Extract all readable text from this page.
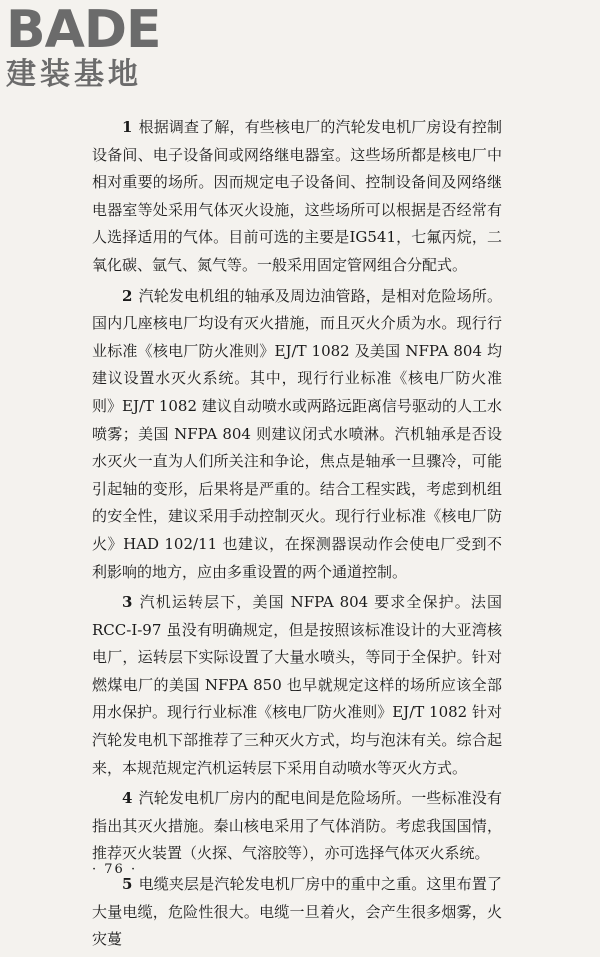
BADE
建装基地

1 根据调查了解，有些核电厂的汽轮发电机厂房设有控制设备间、电子设备间或网络继电器室。这些场所都是核电厂中相对重要的场所。因而规定电子设备间、控制设备间及网络继电器室等处采用气体灭火设施，这些场所可以根据是否经常有人选择适用的气体。目前可选的主要是IG541，七氟丙烷，二氧化碳、氩气、氮气等。一般采用固定管网组合分配式。

2 汽轮发电机组的轴承及周边油管路，是相对危险场所。国内几座核电厂均设有灭火措施，而且灭火介质为水。现行行业标准《核电厂防火准则》EJ/T 1082 及美国 NFPA 804 均建议设置水灭火系统。其中，现行行业标准《核电厂防火准则》EJ/T 1082 建议自动喷水或两路远距离信号驱动的人工水喷雾；美国 NFPA 804 则建议闭式水喷淋。汽机轴承是否设水灭火一直为人们所关注和争论，焦点是轴承一旦骤冷，可能引起轴的变形，后果将是严重的。结合工程实践，考虑到机组的安全性，建议采用手动控制灭火。现行行业标准《核电厂防火》HAD 102/11 也建议，在探测器误动作会使电厂受到不利影响的地方，应由多重设置的两个通道控制。

3 汽机运转层下，美国 NFPA 804 要求全保护。法国 RCC-I-97 虽没有明确规定，但是按照该标准设计的大亚湾核电厂，运转层下实际设置了大量水喷头，等同于全保护。针对燃煤电厂的美国 NFPA 850 也早就规定这样的场所应该全部用水保护。现行行业标准《核电厂防火准则》EJ/T 1082 针对汽轮发电机下部推荐了三种灭火方式，均与泡沫有关。综合起来，本规范规定汽机运转层下采用自动喷水等灭火方式。

4 汽轮发电机厂房内的配电间是危险场所。一些标准没有指出其灭火措施。秦山核电采用了气体消防。考虑我国国情，推荐灭火装置（火探、气溶胶等），亦可选择气体灭火系统。

5 电缆夹层是汽轮发电机厂房中的重中之重。这里布置了大量电缆，危险性很大。电缆一旦着火，会产生很多烟雾，火灾蔓

· 76 ·
